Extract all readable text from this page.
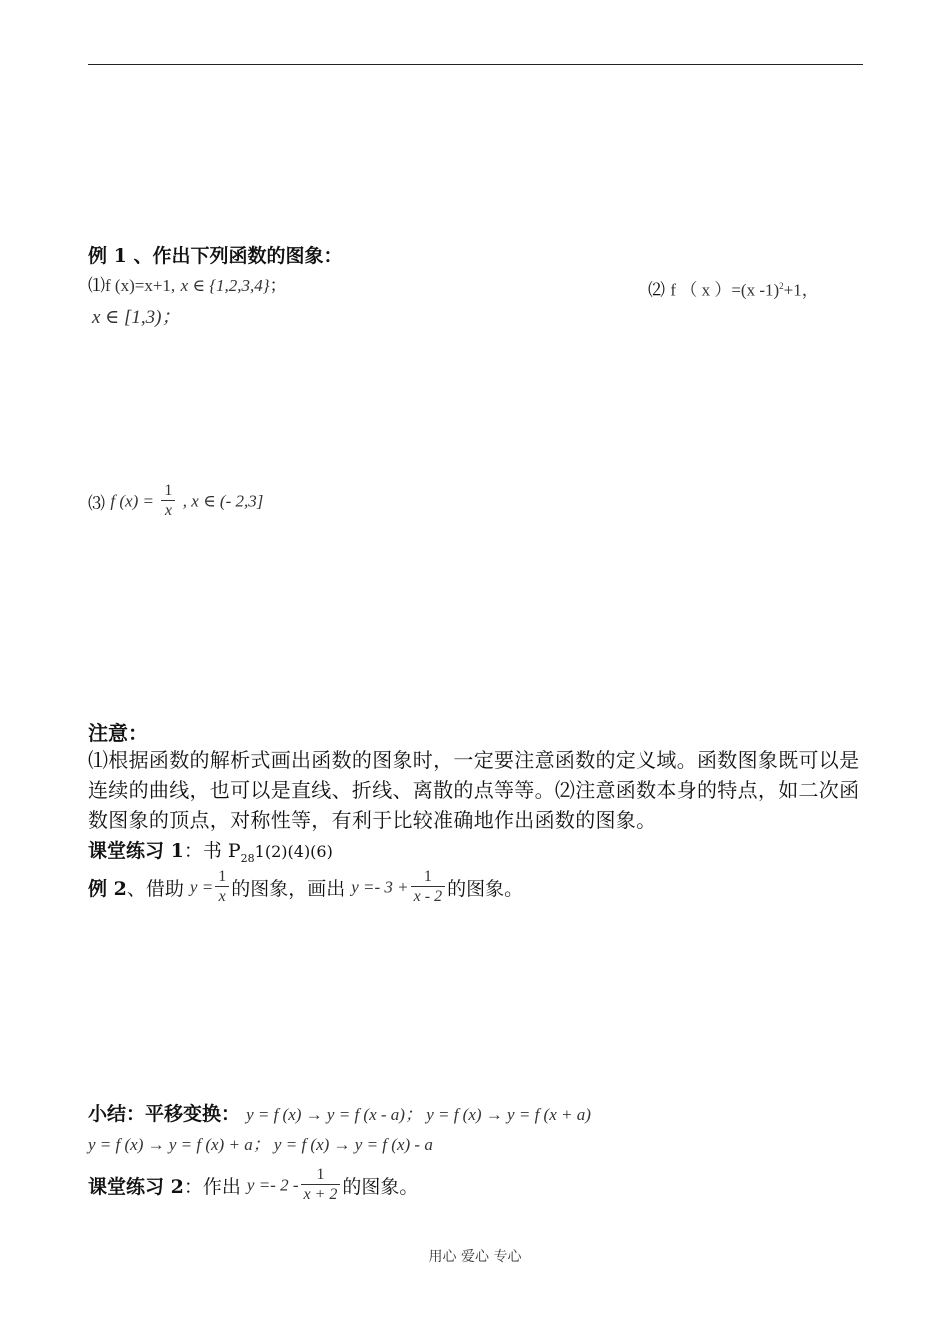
例 1 、作出下列函数的图象：
⑴f (x)=x+1, x ∈ {1,2,3,4}；	⑵ f （ x ）=(x -1)$^2$+1，
x ∈ [1,3)；
⑶ f $(x) = \frac{1}{x}$ , x ∈ (- 2,3]
注意：
⑴根据函数的解析式画出函数的图象时，一定要注意函数的定义域。函数图象既可以是连续的曲线，也可以是直线、折线、离散的点等等。⑵注意函数本身的特点，如二次函数图象的顶点，对称性等，有利于比较准确地作出函数的图象。
课堂练习 1：书 $P_{28}1(2)(4)(6)$
例 2、借助 $y = \frac{1}{x}$ 的图象，画出 $y =- 3 + \frac{1}{x - 2}$ 的图象。
小结：平移变换： y = f (x) → y = f (x - a)； y = f (x) → y = f (x + a)
y = f (x) → y = f (x) + a； y = f (x) → y = f (x) - a
课堂练习 2：作出 $y =- 2 - \frac{1}{x + 2}$ 的图象。
用心 爱心 专心
